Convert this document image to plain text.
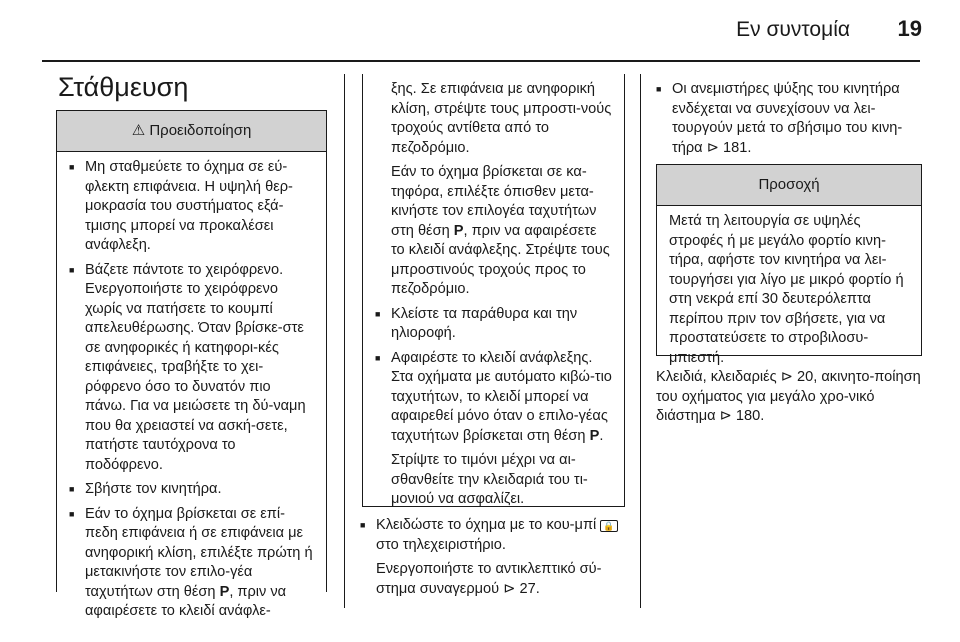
Εν συντομία	19
Στάθμευση
⚠ Προειδοποίηση
■ Μη σταθμεύετε το όχημα σε εύ-φλεκτη επιφάνεια. Η υψηλή θερ-μοκρασία του συστήματος εξά-τμισης μπορεί να προκαλέσει ανάφλεξη.
■ Βάζετε πάντοτε το χειρόφρενο. Ενεργοποιήστε το χειρόφρενο χωρίς να πατήσετε το κουμπί απελευθέρωσης. Όταν βρίσκε-στε σε ανηφορικές ή κατηφορι-κές επιφάνειες, τραβήξτε το χει-ρόφρενο όσο το δυνατόν πιο πάνω. Για να μειώσετε τη δύ-ναμη που θα χρειαστεί να ασκή-σετε, πατήστε ταυτόχρονα το ποδόφρενο.
■ Σβήστε τον κινητήρα.
■ Εάν το όχημα βρίσκεται σε επί-πεδη επιφάνεια ή σε επιφάνεια με ανηφορική κλίση, επιλέξτε πρώτη ή μετακινήστε τον επιλο-γέα ταχυτήτων στη θέση P, πριν να αφαιρέσετε το κλειδί ανάφλε-
ξης. Σε επιφάνεια με ανηφορική κλίση, στρέψτε τους μπροστι-νούς τροχούς αντίθετα από το πεζοδρόμιο.
Εάν το όχημα βρίσκεται σε κα-τηφόρα, επιλέξτε όπισθεν μετα-κινήστε τον επιλογέα ταχυτήτων στη θέση P, πριν να αφαιρέσετε το κλειδί ανάφλεξης. Στρέψτε τους μπροστινούς τροχούς προς το πεζοδρόμιο.
■ Κλείστε τα παράθυρα και την ηλιοροφή.
■ Αφαιρέστε το κλειδί ανάφλεξης. Στα οχήματα με αυτόματο κιβώ-τιο ταχυτήτων, το κλειδί μπορεί να αφαιρεθεί μόνο όταν ο επιλο-γέας ταχυτήτων βρίσκεται στη θέση P.
Στρίψτε το τιμόνι μέχρι να αι-σθανθείτε την κλειδαριά του τι-μονιού να ασφαλίζει.
■ Κλειδώστε το όχημα με το κου-μπί 🔒 στο τηλεχειριστήριο.
Ενεργοποιήστε το αντικλεπτικό σύ-στημα συναγερμού ⊳ 27.
■ Οι ανεμιστήρες ψύξης του κινητήρα ενδέχεται να συνεχίσουν να λει-τουργούν μετά το σβήσιμο του κινη-τήρα ⊳ 181.
Προσοχή
Μετά τη λειτουργία σε υψηλές στροφές ή με μεγάλο φορτίο κινη-τήρα, αφήστε τον κινητήρα να λει-τουργήσει για λίγο με μικρό φορτίο ή στη νεκρά επί 30 δευτερόλεπτα περίπου πριν τον σβήσετε, για να προστατεύσετε το στροβιλοσυ-μπιεστή.
Κλειδιά, κλειδαριές ⊳ 20, ακινητο-ποίηση του οχήματος για μεγάλο χρο-νικό διάστημα ⊳ 180.
